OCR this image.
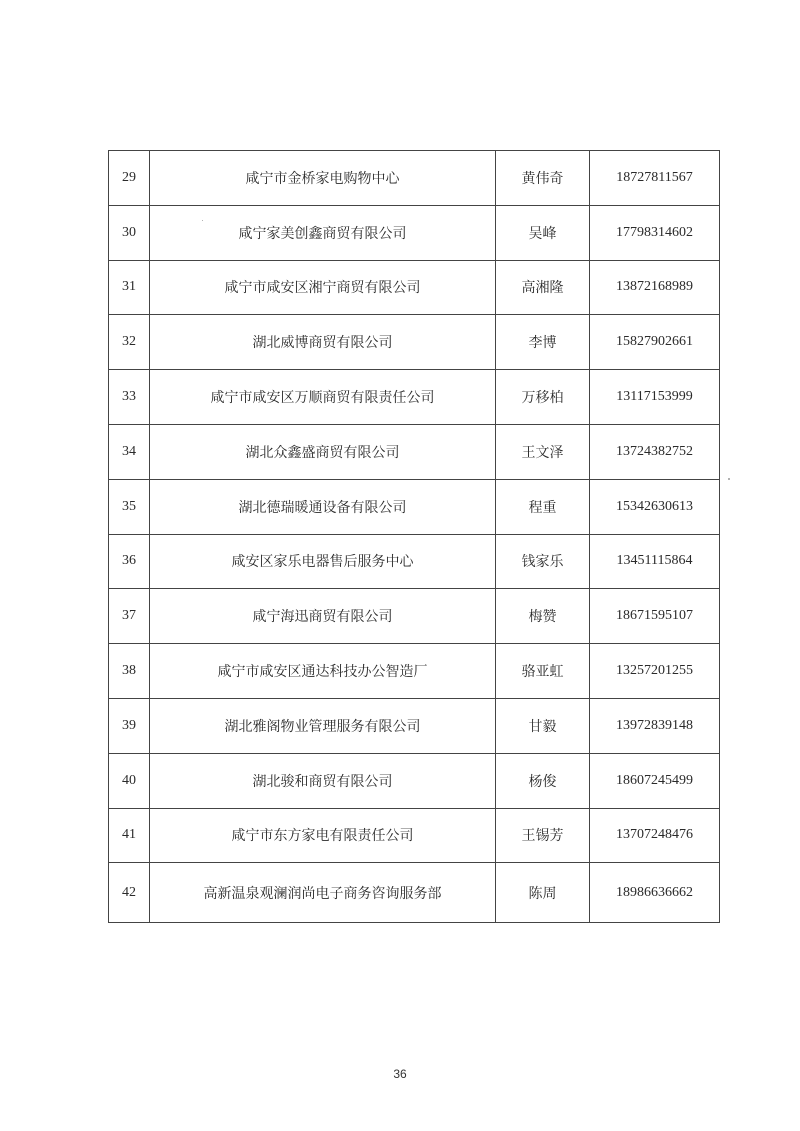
29	咸宁市金桥家电购物中心	黄伟奇	18727811567
30	咸宁家美创鑫商贸有限公司	吴峰	17798314602
31	咸宁市咸安区湘宁商贸有限公司	高湘隆	13872168989
32	湖北威博商贸有限公司	李博	15827902661
33	咸宁市咸安区万顺商贸有限责任公司	万移柏	13117153999
34	湖北众鑫盛商贸有限公司	王文泽	13724382752
35	湖北德瑞暖通设备有限公司	程重	15342630613
36	咸安区家乐电器售后服务中心	钱家乐	13451115864
37	咸宁海迅商贸有限公司	梅赞	18671595107
38	咸宁市咸安区通达科技办公智造厂	骆亚虹	13257201255
39	湖北雅阁物业管理服务有限公司	甘毅	13972839148
40	湖北骏和商贸有限公司	杨俊	18607245499
41	咸宁市东方家电有限责任公司	王锡芳	13707248476
42	高新温泉观澜润尚电子商务咨询服务部	陈周	18986636662
36
